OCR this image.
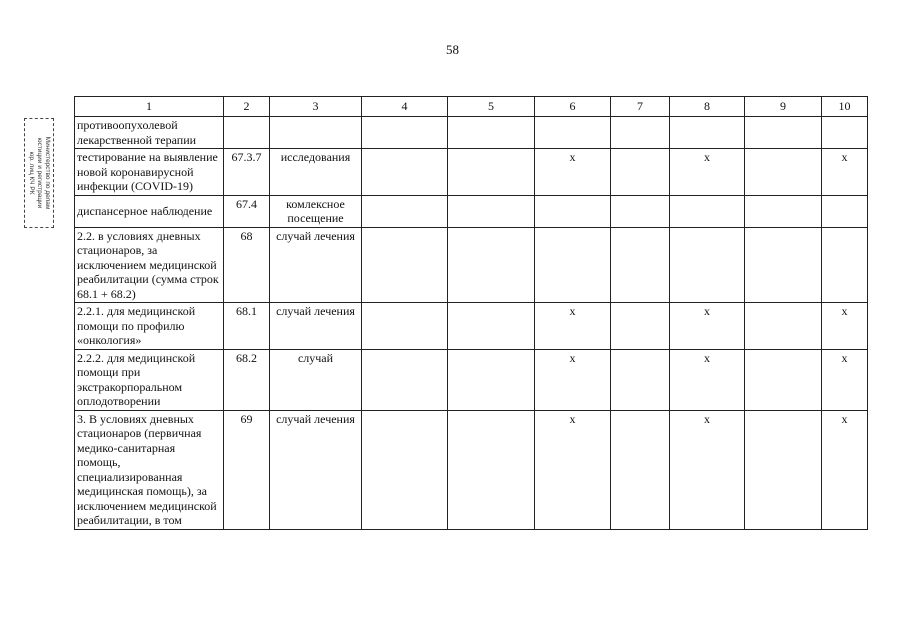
58
Министерство по делам
юстиции и регистрации
юр. лиц КЧ РК
1	2	3	4	5	6	7	8	9	10
противоопухолевой лекарственной терапии									
тестирование на выявление новой коронавирусной инфекции (COVID-19)	67.3.7	исследования			x		x		x
диспансерное наблюдение	67.4	комлексное посещение							
2.2. в условиях дневных стационаров, за исключением медицинской реабилитации (сумма строк 68.1 + 68.2)	68	случай лечения							
2.2.1. для медицинской помощи по профилю «онкология»	68.1	случай лечения			x		x		x
2.2.2. для медицинской помощи при экстракорпоральном оплодотворении	68.2	случай			x		x		x
3. В условиях дневных стационаров (первичная медико-санитарная помощь, специализированная медицинская помощь), за исключением медицинской реабилитации, в том	69	случай лечения			x		x		x
